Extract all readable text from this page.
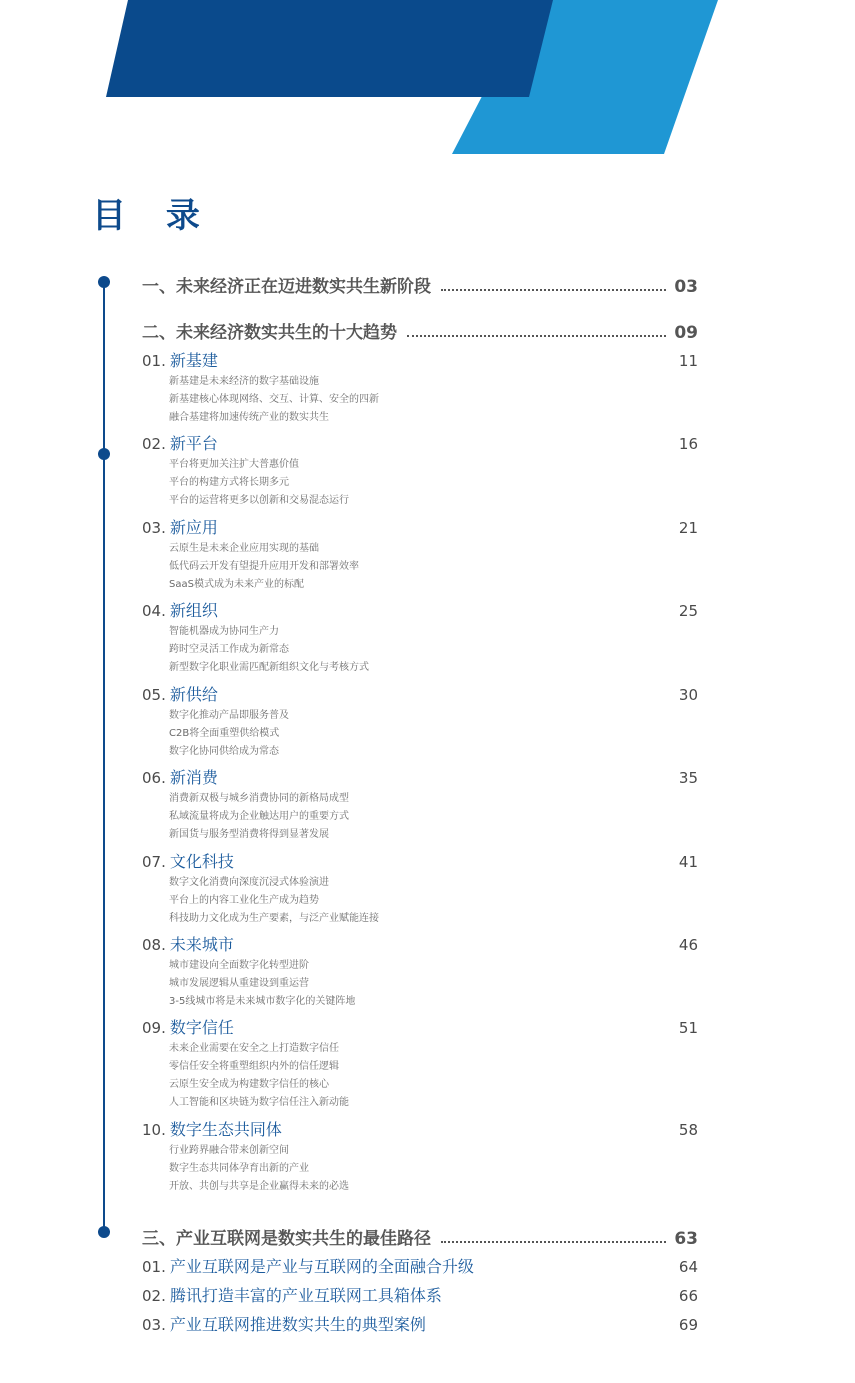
目 录
一、未来经济正在迈进数实共生新阶段	03
二、未来经济数实共生的十大趋势	09
01. 新基建	11
新基建是未来经济的数字基础设施
新基建核心体现网络、交互、计算、安全的四新
融合基建将加速传统产业的数实共生
02. 新平台	16
平台将更加关注扩大普惠价值
平台的构建方式将长期多元
平台的运营将更多以创新和交易混态运行
03. 新应用	21
云原生是未来企业应用实现的基础
低代码云开发有望提升应用开发和部署效率
SaaS模式成为未来产业的标配
04. 新组织	25
智能机器成为协同生产力
跨时空灵活工作成为新常态
新型数字化职业需匹配新组织文化与考核方式
05. 新供给	30
数字化推动产品即服务普及
C2B将全面重塑供给模式
数字化协同供给成为常态
06. 新消费	35
消费新双极与城乡消费协同的新格局成型
私域流量将成为企业触达用户的重要方式
新国货与服务型消费将得到显著发展
07. 文化科技	41
数字文化消费向深度沉浸式体验演进
平台上的内容工业化生产成为趋势
科技助力文化成为生产要素，与泛产业赋能连接
08. 未来城市	46
城市建设向全面数字化转型进阶
城市发展逻辑从重建设到重运营
3-5线城市将是未来城市数字化的关键阵地
09. 数字信任	51
未来企业需要在安全之上打造数字信任
零信任安全将重塑组织内外的信任逻辑
云原生安全成为构建数字信任的核心
人工智能和区块链为数字信任注入新动能
10. 数字生态共同体	58
行业跨界融合带来创新空间
数字生态共同体孕育出新的产业
开放、共创与共享是企业赢得未来的必选
三、产业互联网是数实共生的最佳路径	63
01. 产业互联网是产业与互联网的全面融合升级	64
02. 腾讯打造丰富的产业互联网工具箱体系	66
03. 产业互联网推进数实共生的典型案例	69
